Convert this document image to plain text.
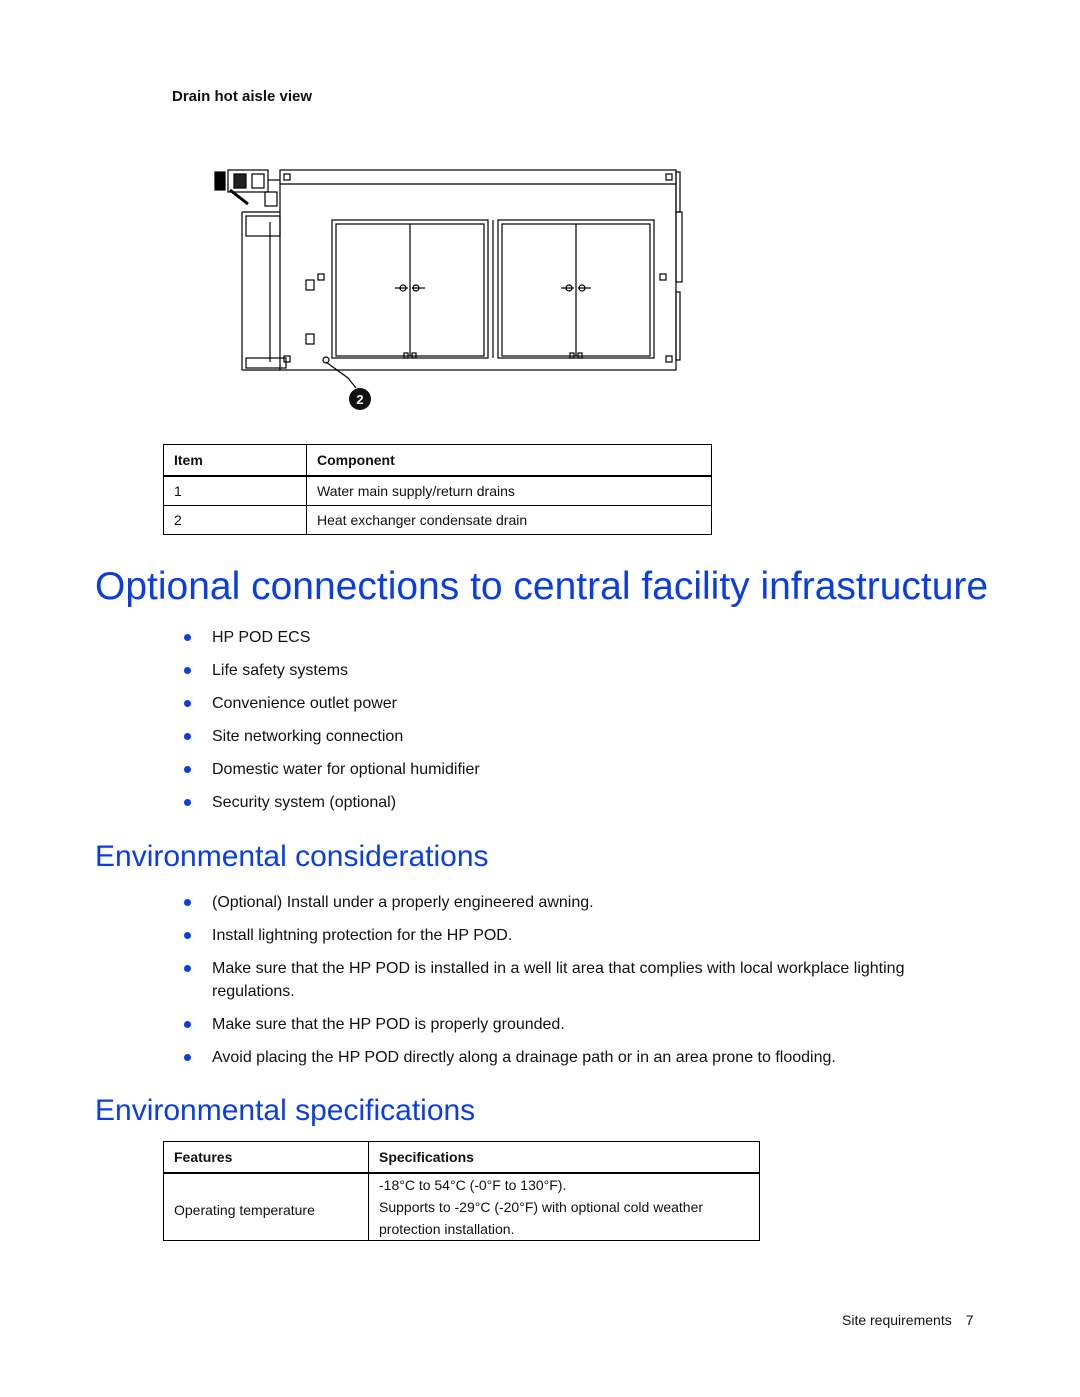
Drain hot aisle view

2
Item	Component
1	Water main supply/return drains
2	Heat exchanger condensate drain
Optional connections to central facility infrastructure
HP POD ECS
Life safety systems
Convenience outlet power
Site networking connection
Domestic water for optional humidifier
Security system (optional)
Environmental considerations
(Optional) Install under a properly engineered awning.
Install lightning protection for the HP POD.
Make sure that the HP POD is installed in a well lit area that complies with local workplace lighting regulations.
Make sure that the HP POD is properly grounded.
Avoid placing the HP POD directly along a drainage path or in an area prone to flooding.
Environmental specifications
Features	Specifications
Operating temperature	-18°C to 54°C (-0°F to 130°F).
Supports to -29°C (-20°F) with optional cold weather protection installation.
Site requirements 7
